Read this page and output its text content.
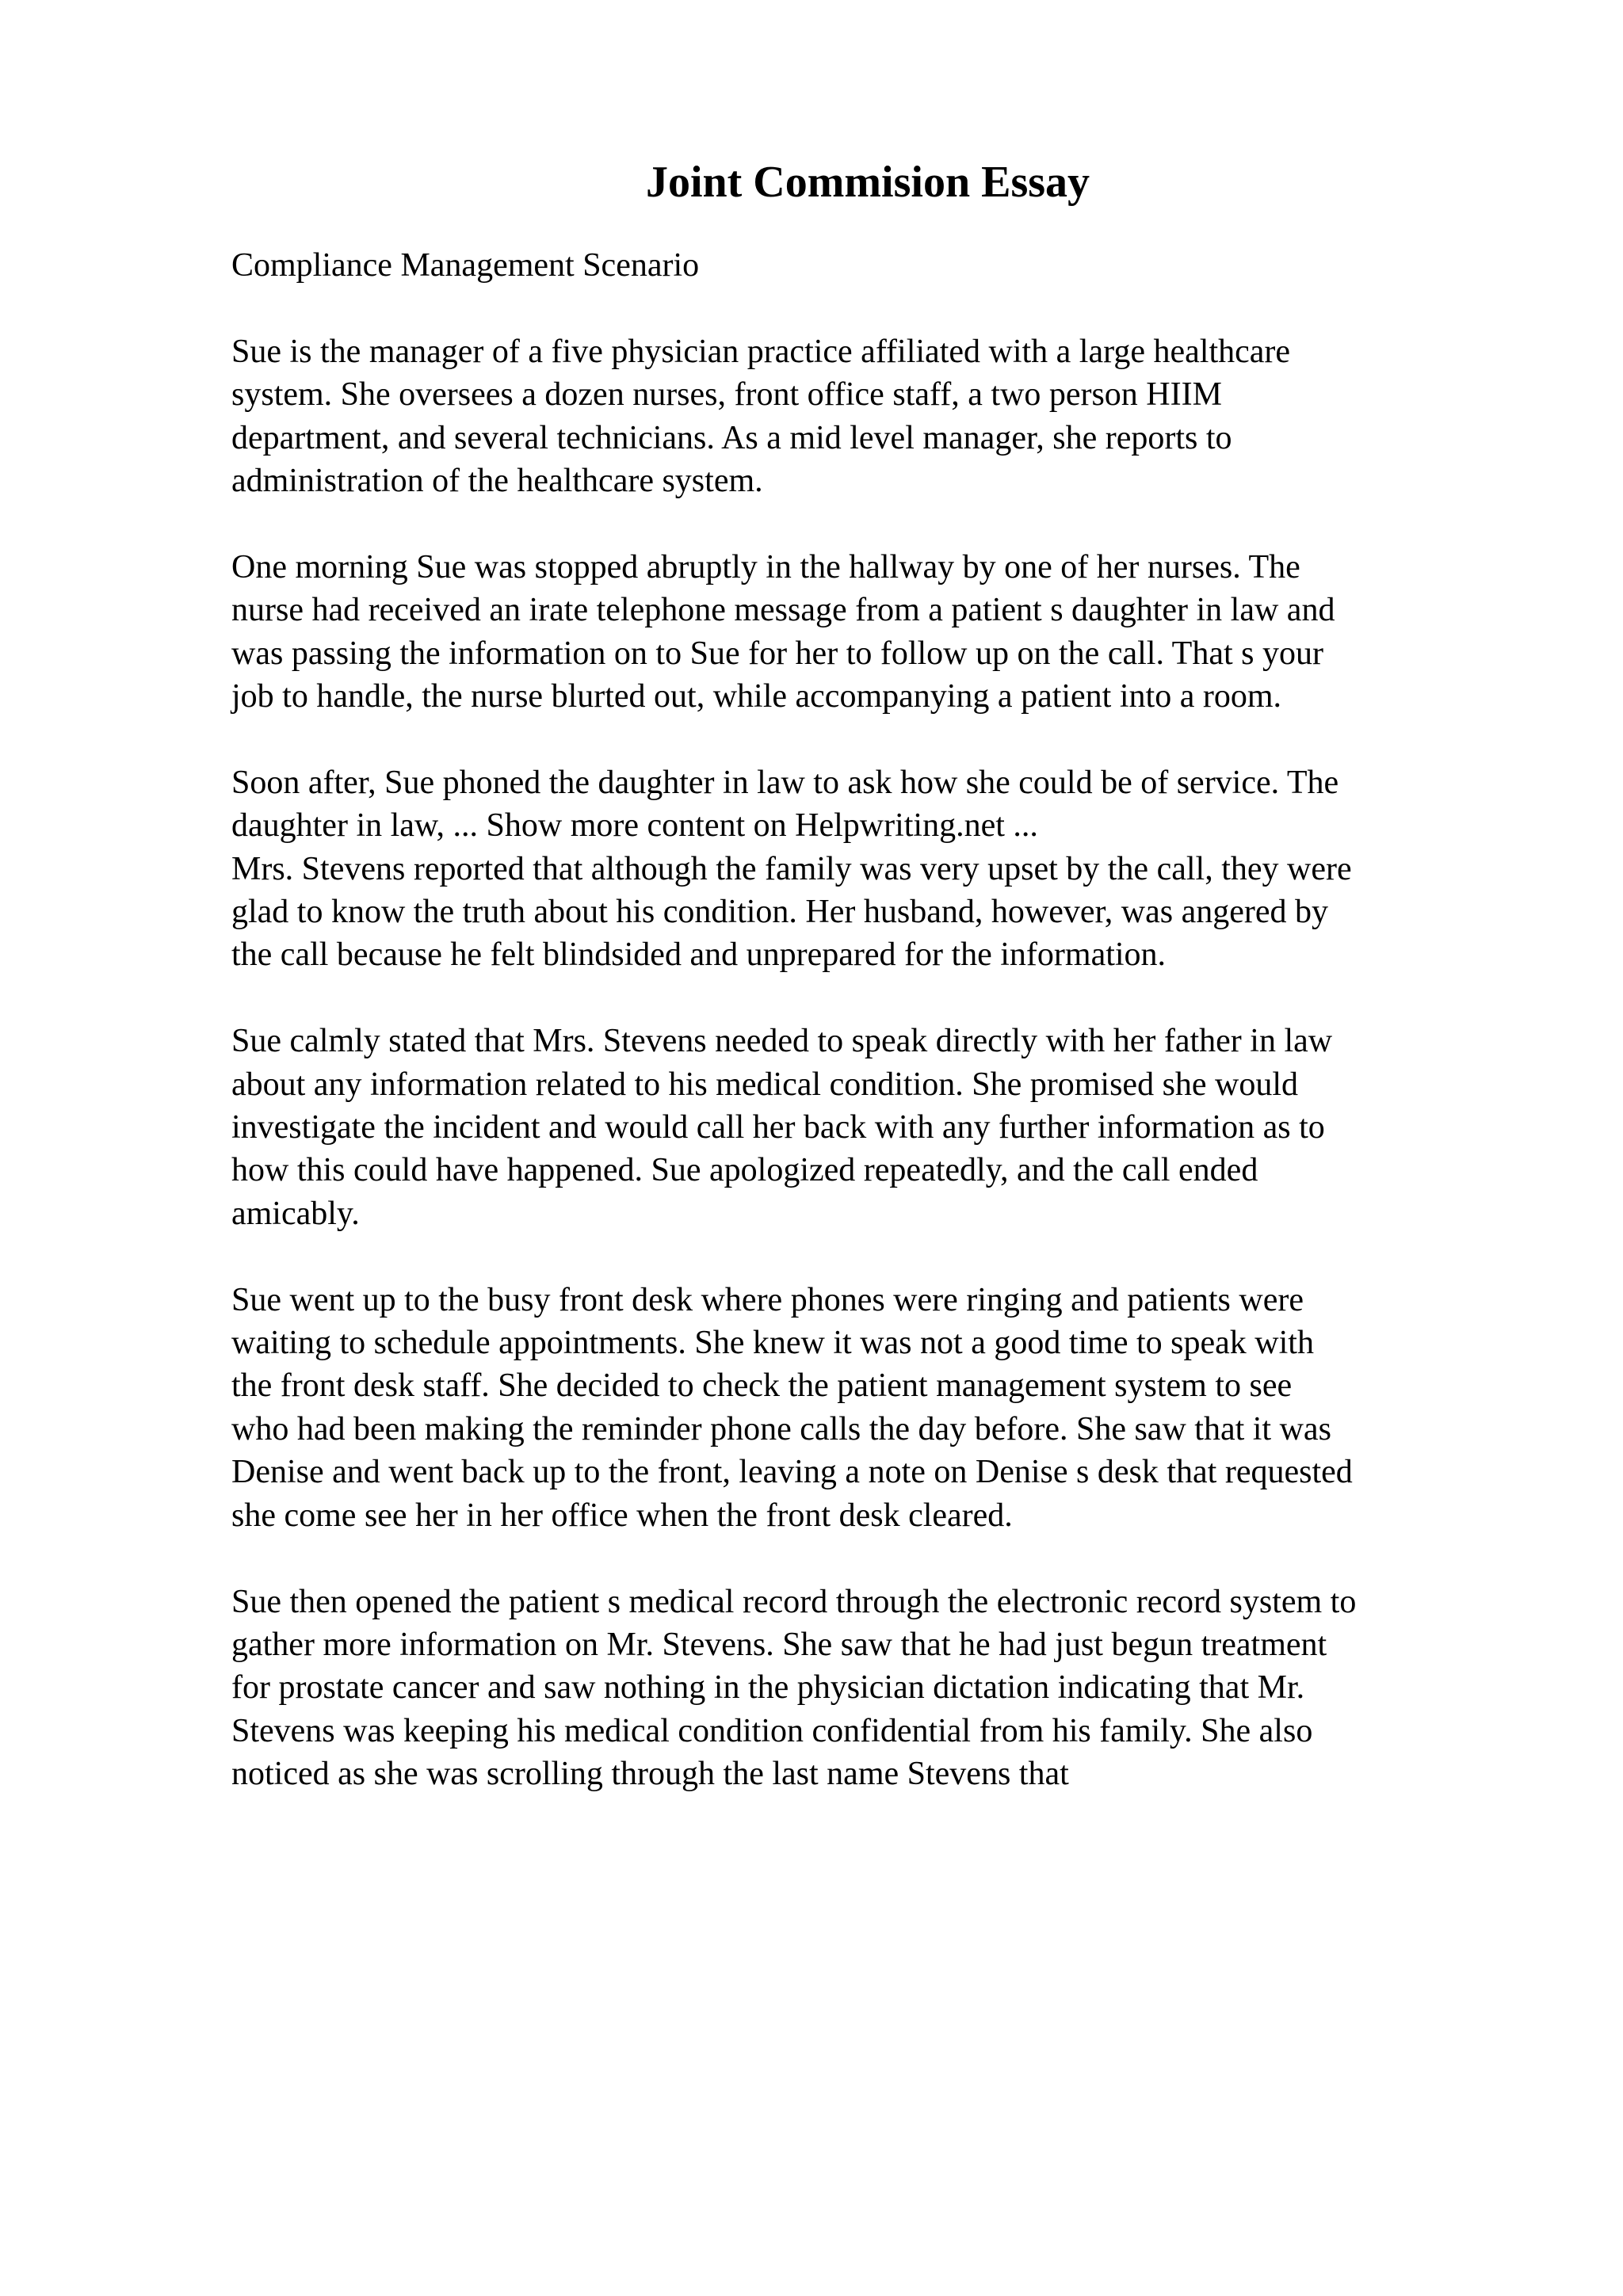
Joint Commision Essay

Compliance Management Scenario

Sue is the manager of a five physician practice affiliated with a large healthcare
system. She oversees a dozen nurses, front office staff, a two person HIIM
department, and several technicians. As a mid level manager, she reports to
administration of the healthcare system.
One morning Sue was stopped abruptly in the hallway by one of her nurses. The
nurse had received an irate telephone message from a patient s daughter in law and
was passing the information on to Sue for her to follow up on the call. That s your
job to handle, the nurse blurted out, while accompanying a patient into a room.
Soon after, Sue phoned the daughter in law to ask how she could be of service. The
daughter in law, ... Show more content on Helpwriting.net ...
Mrs. Stevens reported that although the family was very upset by the call, they were
glad to know the truth about his condition. Her husband, however, was angered by
the call because he felt blindsided and unprepared for the information.
Sue calmly stated that Mrs. Stevens needed to speak directly with her father in law
about any information related to his medical condition. She promised she would
investigate the incident and would call her back with any further information as to
how this could have happened. Sue apologized repeatedly, and the call ended
amicably.
Sue went up to the busy front desk where phones were ringing and patients were
waiting to schedule appointments. She knew it was not a good time to speak with
the front desk staff. She decided to check the patient management system to see
who had been making the reminder phone calls the day before. She saw that it was
Denise and went back up to the front, leaving a note on Denise s desk that requested
she come see her in her office when the front desk cleared.
Sue then opened the patient s medical record through the electronic record system to
gather more information on Mr. Stevens. She saw that he had just begun treatment
for prostate cancer and saw nothing in the physician dictation indicating that Mr.
Stevens was keeping his medical condition confidential from his family. She also
noticed as she was scrolling through the last name Stevens that
